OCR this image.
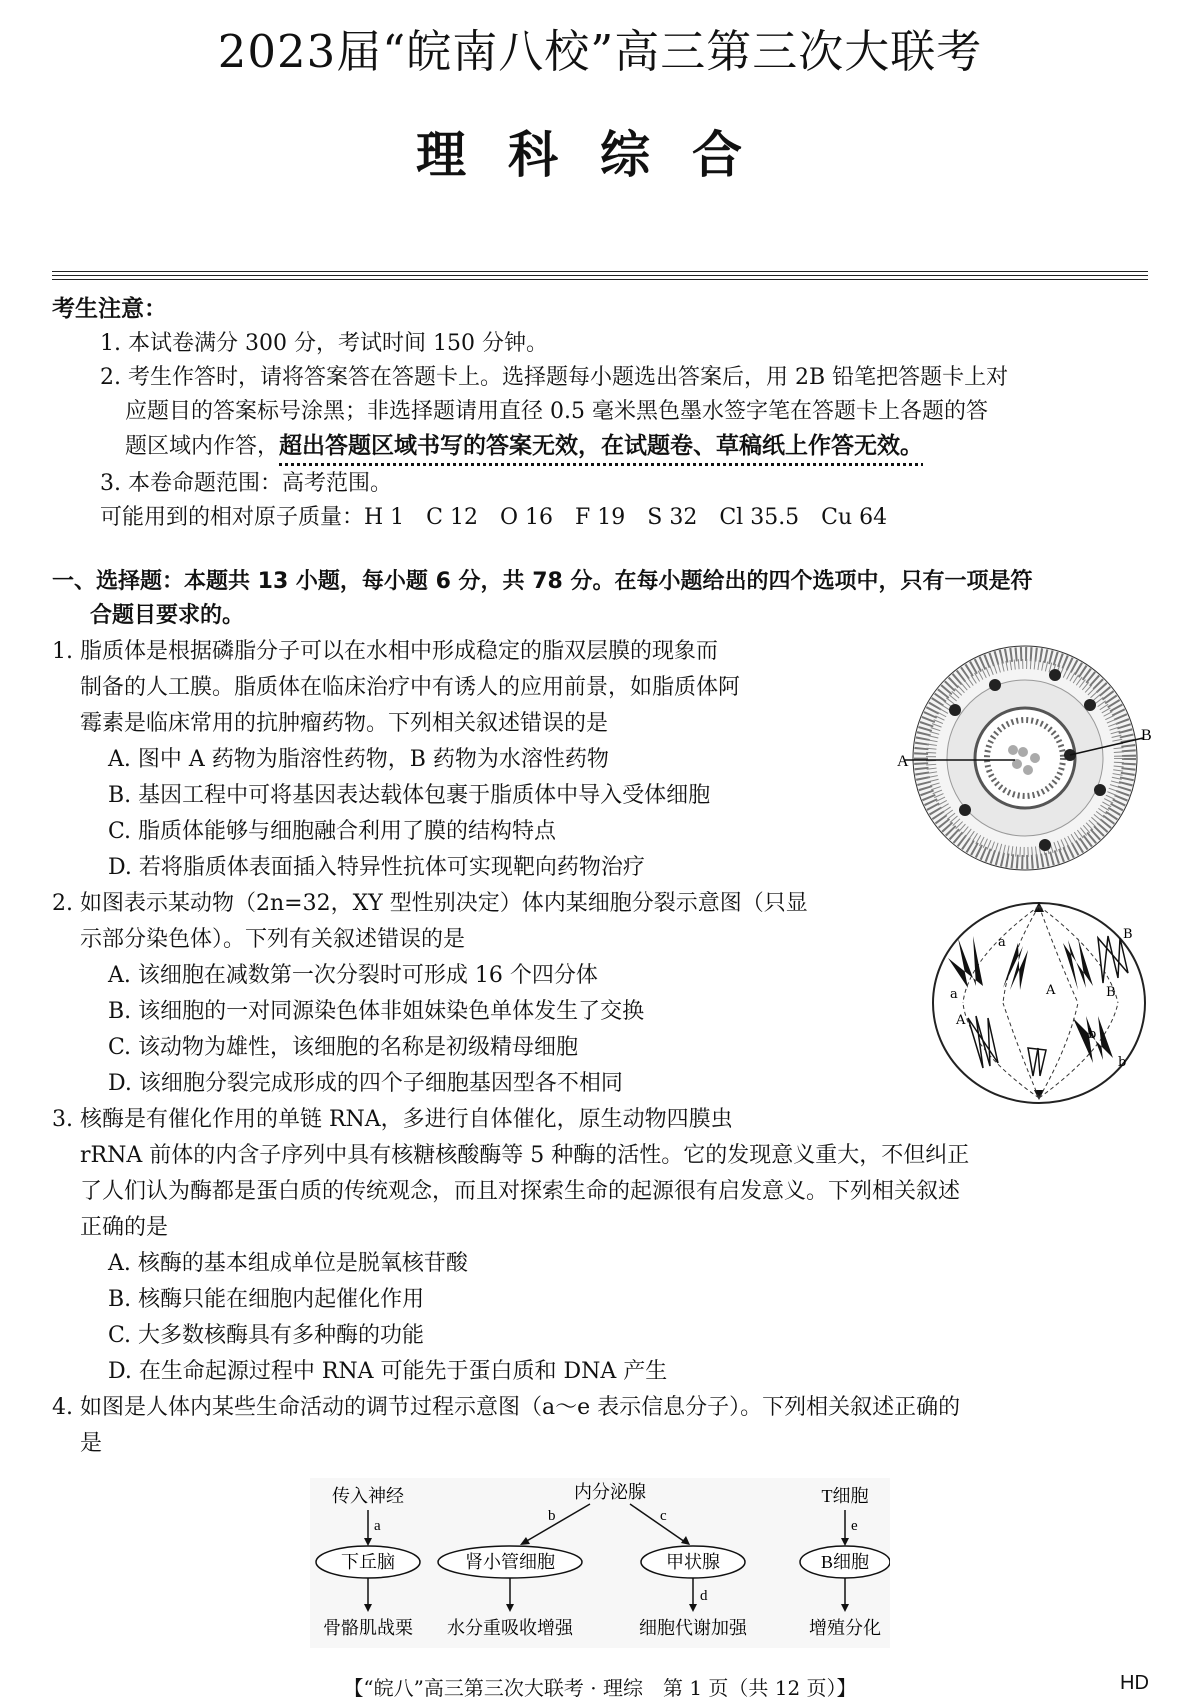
2023届“皖南八校”高三第三次大联考
理科综合
考生注意：
1. 本试卷满分 300 分，考试时间 150 分钟。
2. 考生作答时，请将答案答在答题卡上。选择题每小题选出答案后，用 2B 铅笔把答题卡上对
应题目的答案标号涂黑；非选择题请用直径 0.5 毫米黑色墨水签字笔在答题卡上各题的答
题区域内作答，超出答题区域书写的答案无效，在试题卷、草稿纸上作答无效。
3. 本卷命题范围：高考范围。
可能用到的相对原子质量：H 1　C 12　O 16　F 19　S 32　Cl 35.5　Cu 64
一、选择题：本题共 13 小题，每小题 6 分，共 78 分。在每小题给出的四个选项中，只有一项是符
合题目要求的。
1. 脂质体是根据磷脂分子可以在水相中形成稳定的脂双层膜的现象而
制备的人工膜。脂质体在临床治疗中有诱人的应用前景，如脂质体阿
霉素是临床常用的抗肿瘤药物。下列相关叙述错误的是
A. 图中 A 药物为脂溶性药物，B 药物为水溶性药物
B. 基因工程中可将基因表达载体包裹于脂质体中导入受体细胞
C. 脂质体能够与细胞融合利用了膜的结构特点
D. 若将脂质体表面插入特异性抗体可实现靶向药物治疗
A
B
2. 如图表示某动物（2n=32，XY 型性别决定）体内某细胞分裂示意图（只显
示部分染色体）。下列有关叙述错误的是
A. 该细胞在减数第一次分裂时可形成 16 个四分体
B. 该细胞的一对同源染色体非姐妹染色单体发生了交换
C. 该动物为雄性，该细胞的名称是初级精母细胞
D. 该细胞分裂完成形成的四个子细胞基因型各不相同
a
a
A
B
B
A
b
b
3. 核酶是有催化作用的单链 RNA，多进行自体催化，原生动物四膜虫
rRNA 前体的内含子序列中具有核糖核酸酶等 5 种酶的活性。它的发现意义重大，不但纠正
了人们认为酶都是蛋白质的传统观念，而且对探索生命的起源很有启发意义。下列相关叙述
正确的是
A. 核酶的基本组成单位是脱氧核苷酸
B. 核酶只能在细胞内起催化作用
C. 大多数核酶具有多种酶的功能
D. 在生命起源过程中 RNA 可能先于蛋白质和 DNA 产生
4. 如图是人体内某些生命活动的调节过程示意图（a～e 表示信息分子）。下列相关叙述正确的
是
传入神经	内分泌腺	T细胞
a
b	c
e
下丘脑	肾小管细胞	甲状腺	B细胞
d
骨骼肌战栗 水分重吸收增强	细胞代谢加强	增殖分化
【“皖八”高三第三次大联考 · 理综　第 1 页（共 12 页）】	HD
